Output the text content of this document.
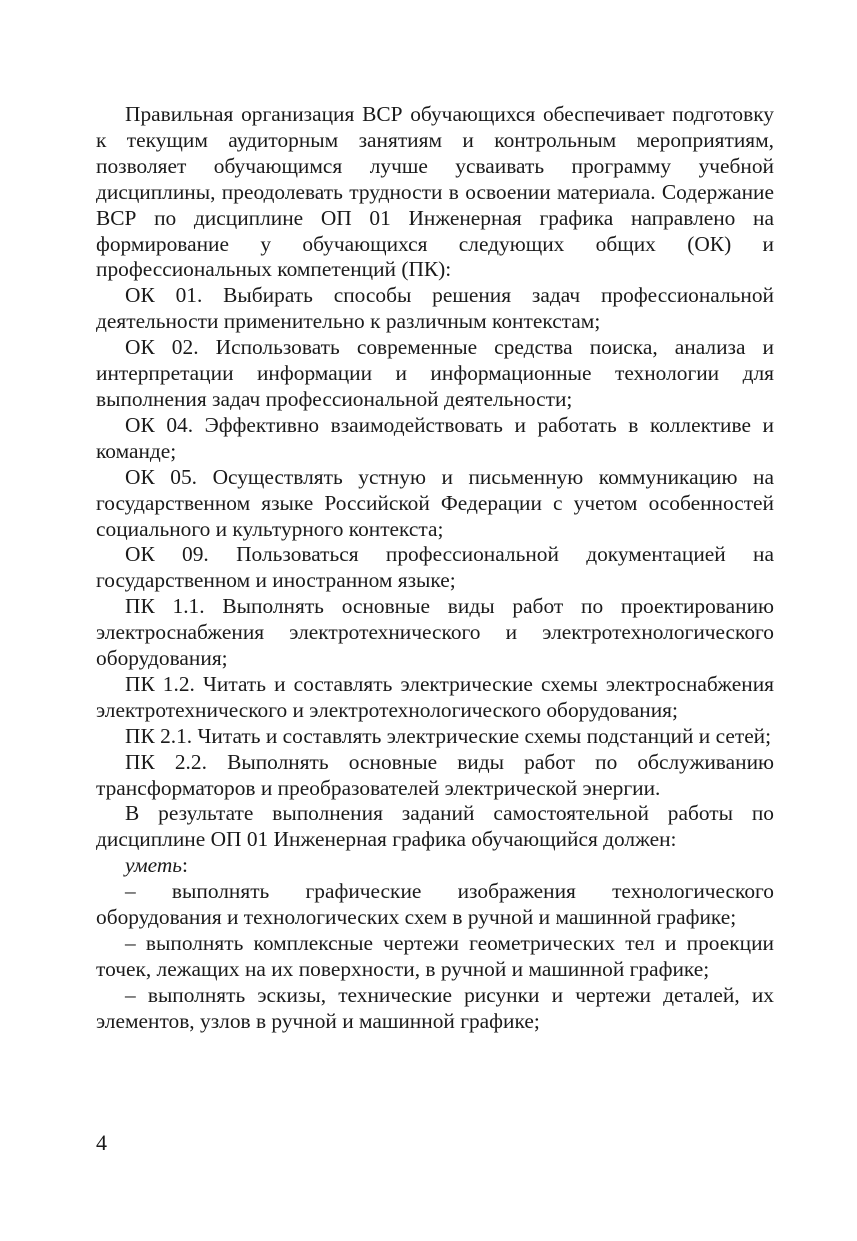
Правильная организация ВСР обучающихся обеспечивает подготовку к текущим аудиторным занятиям и контрольным мероприятиям, позволяет обучающимся лучше усваивать программу учебной дисциплины, преодолевать трудности в освоении материала. Содержание ВСР по дисциплине ОП 01 Инженерная графика направлено на формирование у обучающихся следующих общих (ОК) и профессиональных компетенций (ПК):

ОК 01. Выбирать способы решения задач профессиональной деятельности применительно к различным контекстам;

ОК 02. Использовать современные средства поиска, анализа и интерпретации информации и информационные технологии для выполнения задач профессиональной деятельности;

ОК 04. Эффективно взаимодействовать и работать в коллективе и команде;

ОК 05. Осуществлять устную и письменную коммуникацию на государственном языке Российской Федерации с учетом особенностей социального и культурного контекста;

ОК 09. Пользоваться профессиональной документацией на государственном и иностранном языке;

ПК 1.1. Выполнять основные виды работ по проектированию электроснабжения электротехнического и электротехнологического оборудования;

ПК 1.2. Читать и составлять электрические схемы электроснабжения электротехнического и электротехнологического оборудования;

ПК 2.1. Читать и составлять электрические схемы подстанций и сетей;

ПК 2.2. Выполнять основные виды работ по обслуживанию трансформаторов и преобразователей электрической энергии.

В результате выполнения заданий самостоятельной работы по дисциплине ОП 01 Инженерная графика обучающийся должен:

уметь:

– выполнять графические изображения технологического оборудования и технологических схем в ручной и машинной графике;

– выполнять комплексные чертежи геометрических тел и проекции точек, лежащих на их поверхности, в ручной и машинной графике;

– выполнять эскизы, технические рисунки и чертежи деталей, их элементов, узлов в ручной и машинной графике;

4
